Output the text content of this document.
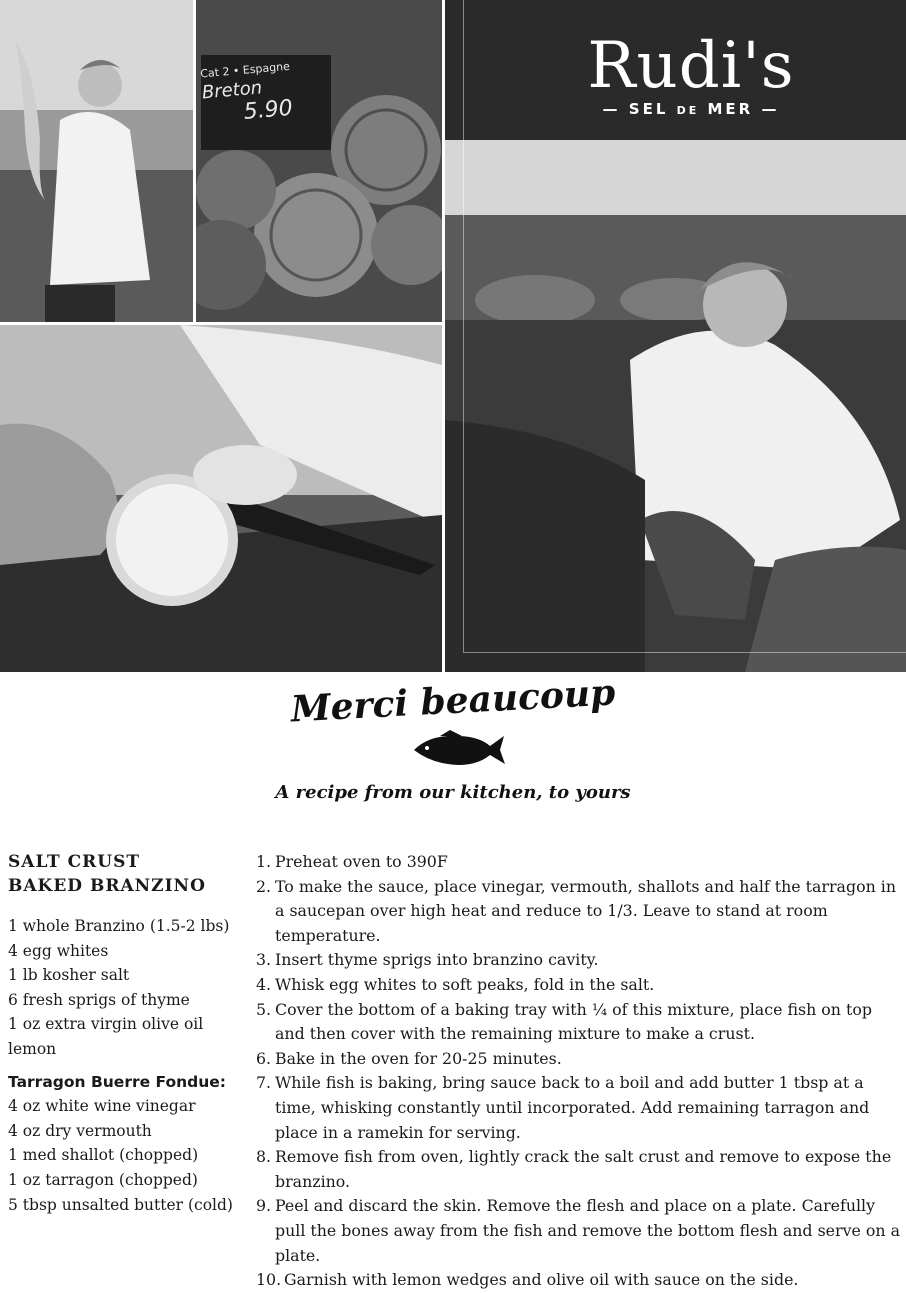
Cat 2 • Espagne
Breton
5.90
Rudi's
— SEL DE MER —
Merci beaucoup
A recipe from our kitchen, to yours
SALT CRUST
BAKED BRANZINO
1 whole Branzino (1.5-2 lbs)
4 egg whites
1 lb kosher salt
6 fresh sprigs of thyme
1 oz extra virgin olive oil
lemon
Tarragon Buerre Fondue:
4 oz white wine vinegar
4 oz dry vermouth
1 med shallot (chopped)
1 oz tarragon (chopped)
5 tbsp unsalted butter (cold)
1. Preheat oven to 390F
2. To make the sauce, place vinegar, vermouth, shallots and half the tarragon in a saucepan over high heat and reduce to 1/3. Leave to stand at room temperature.
3. Insert thyme sprigs into branzino cavity.
4. Whisk egg whites to soft peaks, fold in the salt.
5. Cover the bottom of a baking tray with ¼ of this mixture, place fish on top and then cover with the remaining mixture to make a crust.
6. Bake in the oven for 20-25 minutes.
7. While fish is baking, bring sauce back to a boil and add butter 1 tbsp at a time, whisking constantly until incorporated. Add remaining tarragon and place in a ramekin for serving.
8. Remove fish from oven, lightly crack the salt crust and remove to expose the branzino.
9. Peel and discard the skin. Remove the flesh and place on a plate. Carefully pull the bones away from the fish and remove the bottom flesh and serve on a plate.
10. Garnish with lemon wedges and olive oil with sauce on the side.
